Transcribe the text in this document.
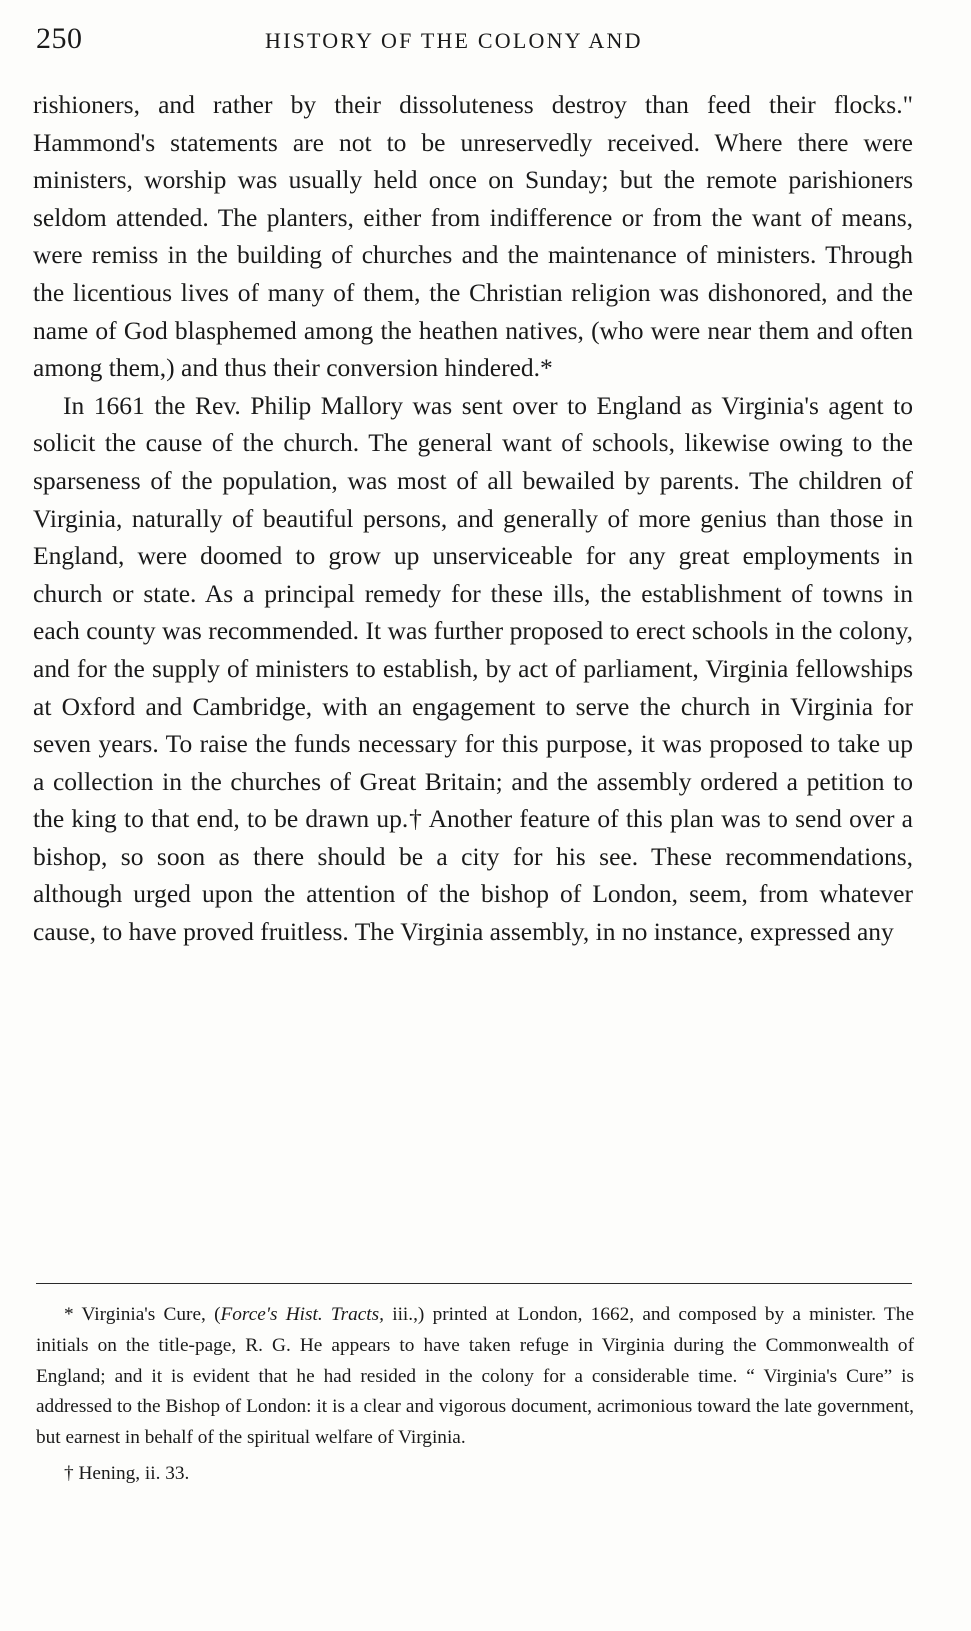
250	HISTORY OF THE COLONY AND

rishioners, and rather by their dissoluteness destroy than feed their flocks." Hammond's statements are not to be unreservedly received. Where there were ministers, worship was usually held once on Sunday; but the remote parishioners seldom attended. The planters, either from indifference or from the want of means, were remiss in the building of churches and the maintenance of ministers. Through the licentious lives of many of them, the Christian religion was dishonored, and the name of God blasphemed among the heathen natives, (who were near them and often among them,) and thus their conversion hindered.*

In 1661 the Rev. Philip Mallory was sent over to England as Virginia's agent to solicit the cause of the church. The general want of schools, likewise owing to the sparseness of the population, was most of all bewailed by parents. The children of Virginia, naturally of beautiful persons, and generally of more genius than those in England, were doomed to grow up unserviceable for any great employments in church or state. As a principal remedy for these ills, the establishment of towns in each county was recommended. It was further proposed to erect schools in the colony, and for the supply of ministers to establish, by act of parliament, Virginia fellowships at Oxford and Cambridge, with an engagement to serve the church in Virginia for seven years. To raise the funds necessary for this purpose, it was proposed to take up a collection in the churches of Great Britain; and the assembly ordered a petition to the king to that end, to be drawn up.† Another feature of this plan was to send over a bishop, so soon as there should be a city for his see. These recommendations, although urged upon the attention of the bishop of London, seem, from whatever cause, to have proved fruitless. The Virginia assembly, in no instance, expressed any

* Virginia's Cure, (Force's Hist. Tracts, iii.,) printed at London, 1662, and composed by a minister. The initials on the title-page, R. G. He appears to have taken refuge in Virginia during the Commonwealth of England; and it is evident that he had resided in the colony for a considerable time. “ Virginia's Cure” is addressed to the Bishop of London: it is a clear and vigorous document, acrimonious toward the late government, but earnest in behalf of the spiritual welfare of Virginia.

† Hening, ii. 33.
